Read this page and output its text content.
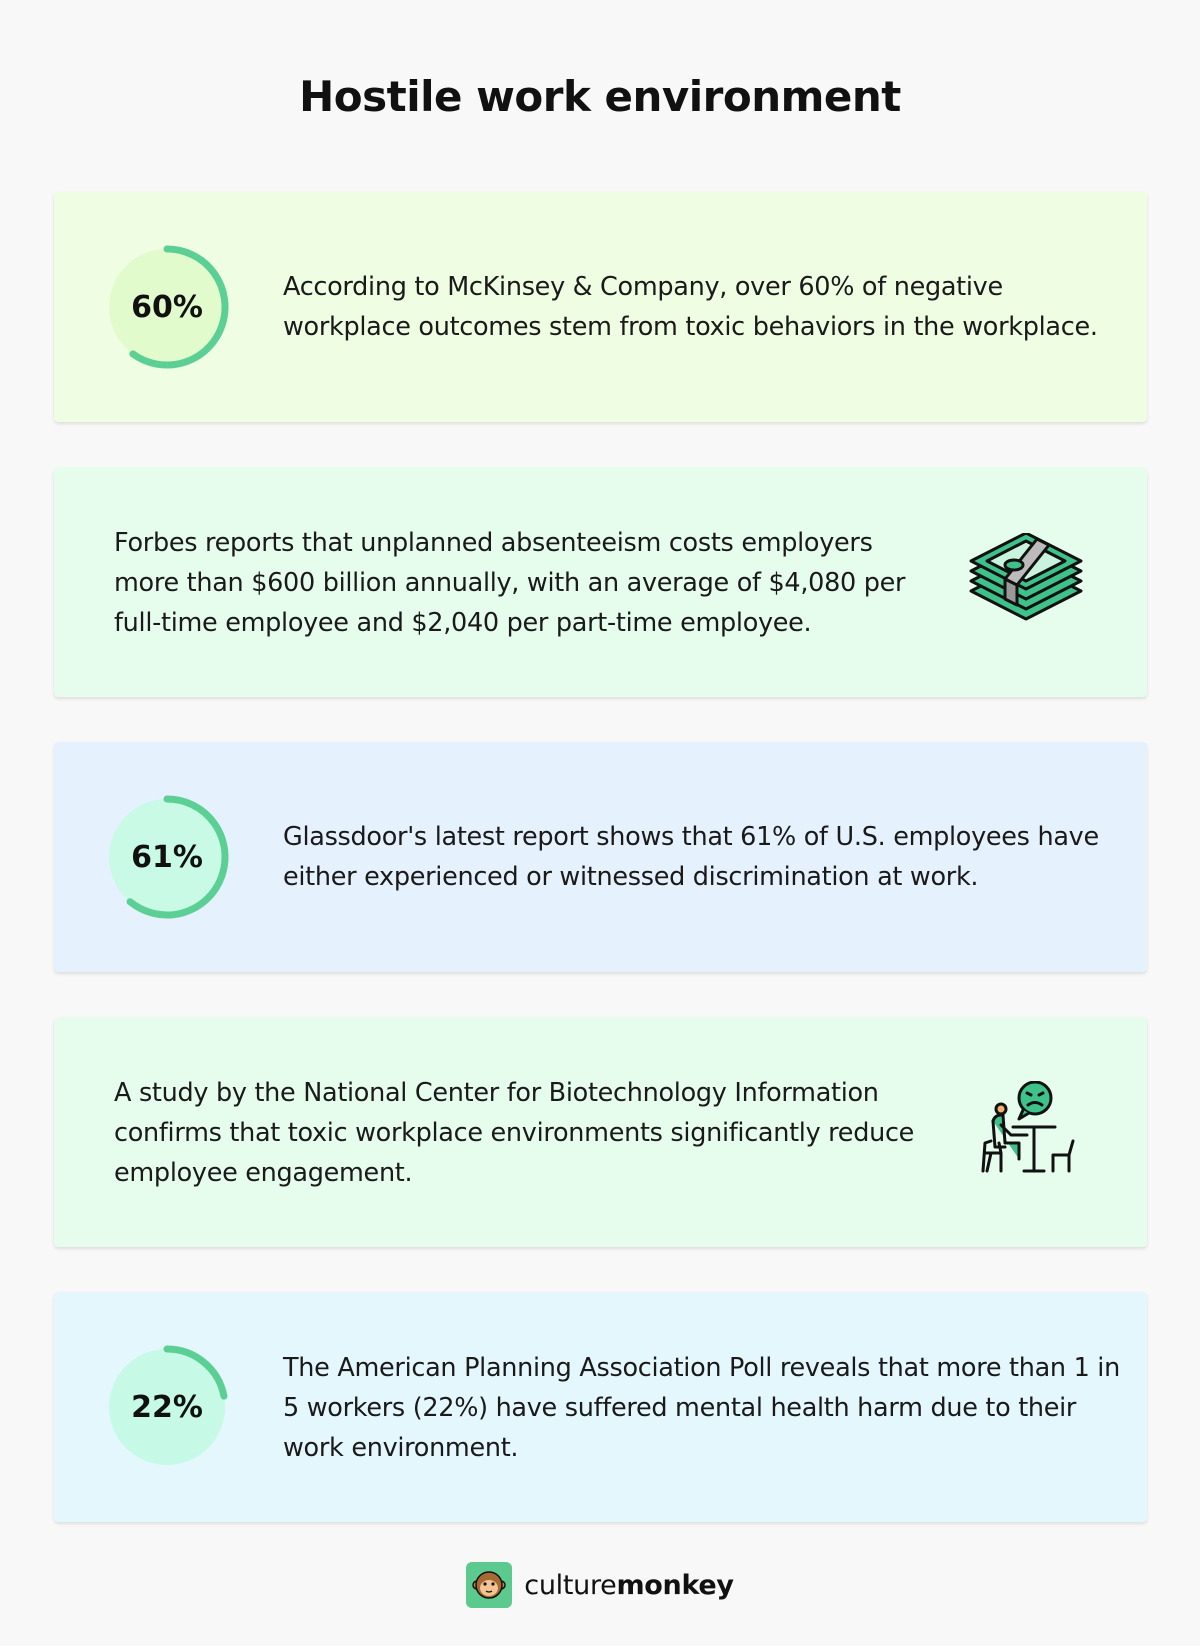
Hostile work environment
60%
According to McKinsey & Company, over 60% of negative workplace outcomes stem from toxic behaviors in the workplace.
Forbes reports that unplanned absenteeism costs employers more than $600 billion annually, with an average of $4,080 per full-time employee and $2,040 per part-time employee.
61%
Glassdoor's latest report shows that 61% of U.S. employees have either experienced or witnessed discrimination at work.
A study by the National Center for Biotechnology Information confirms that toxic workplace environments significantly reduce employee engagement.
22%
The American Planning Association Poll reveals that more than 1 in 5 workers (22%) have suffered mental health harm due to their work environment.
culturemonkey
